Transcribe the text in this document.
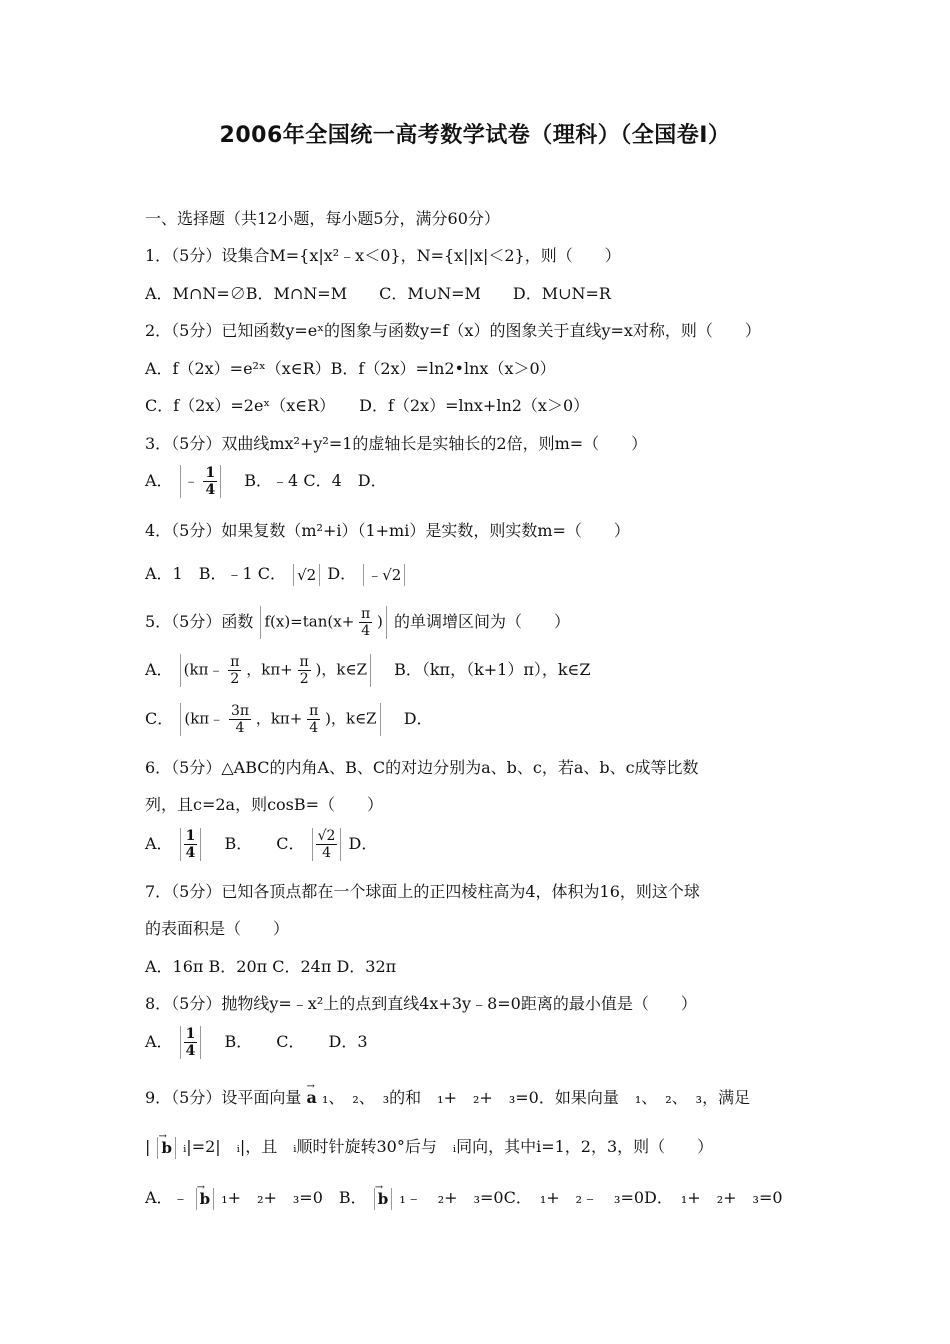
2006年全国统一高考数学试卷（理科）（全国卷Ⅰ）
一、选择题（共12小题，每小题5分，满分60分）
1．（5分）设集合M={x|x²﹣x＜0}，N={x||x|＜2}，则（　　）
A．M∩N=∅B．M∩N=M　　C．M∪N=M　　D．M∪N=R
2．（5分）已知函数y=eˣ的图象与函数y=f（x）的图象关于直线y=x对称，则（　　）
A．f（2x）=e²ˣ（x∈R）B．f（2x）=ln2•lnx（x＞0）
C．f（2x）=2eˣ（x∈R）　　D．f（2x）=lnx+ln2（x＞0）
3．（5分）双曲线mx²+y²=1的虚轴长是实轴长的2倍，则m=（　　）
A． ﹣ $\frac{1}{4}$ 　B．﹣4 C．4　D．
4．（5分）如果复数（m²+i）（1+mi）是实数，则实数m=（　　）
A．1　B．﹣1 C． √2 D． ﹣√2
5．（5分）函数 $f(x)=\tan(x+ \frac{\pi}{4}$ ) 的单调增区间为（　　）
A． (kπ﹣ $\frac{\pi}{2}$ ，$k\pi+ \frac{\pi}{2}$ )，k∈Z 　B．（kπ，（k+1）π），k∈Z
C． (kπ﹣ $\frac{3\pi}{4}$ ，$k\pi+ \frac{\pi}{4}$ )，k∈Z 　D．
6．（5分）△ABC的内角A、B、C的对边分别为a、b、c，若a、b、c成等比数
列，且c=2a，则cosB=（　　）
A． $\frac{1}{4}$ 　B．　　C． $\frac{√2}{4}$ D．
7．（5分）已知各顶点都在一个球面上的正四棱柱高为4，体积为16，则这个球
的表面积是（　　）
A．16π B．20π C．24π D．32π
8．（5分）抛物线y=﹣x²上的点到直线4x+3y﹣8=0距离的最小值是（　　）
A． $\frac{1}{4}$ 　B．　　C．　　D．3
9．（5分）设平面向量 → a ₁、　₂、　₃的和　₁+　₂+　₃=0．如果向量　₁、　₂、　₃，满足
| → b ᵢ|=2|　ᵢ|，且　ᵢ顺时针旋转30°后与　ᵢ同向，其中i=1，2，3，则（　　）
A．﹣ → b ₁+　₂+　₃=0　B． → b ₁﹣　₂+　₃=0C．　₁+　₂﹣　₃=0D．　₁+　₂+　₃=0
